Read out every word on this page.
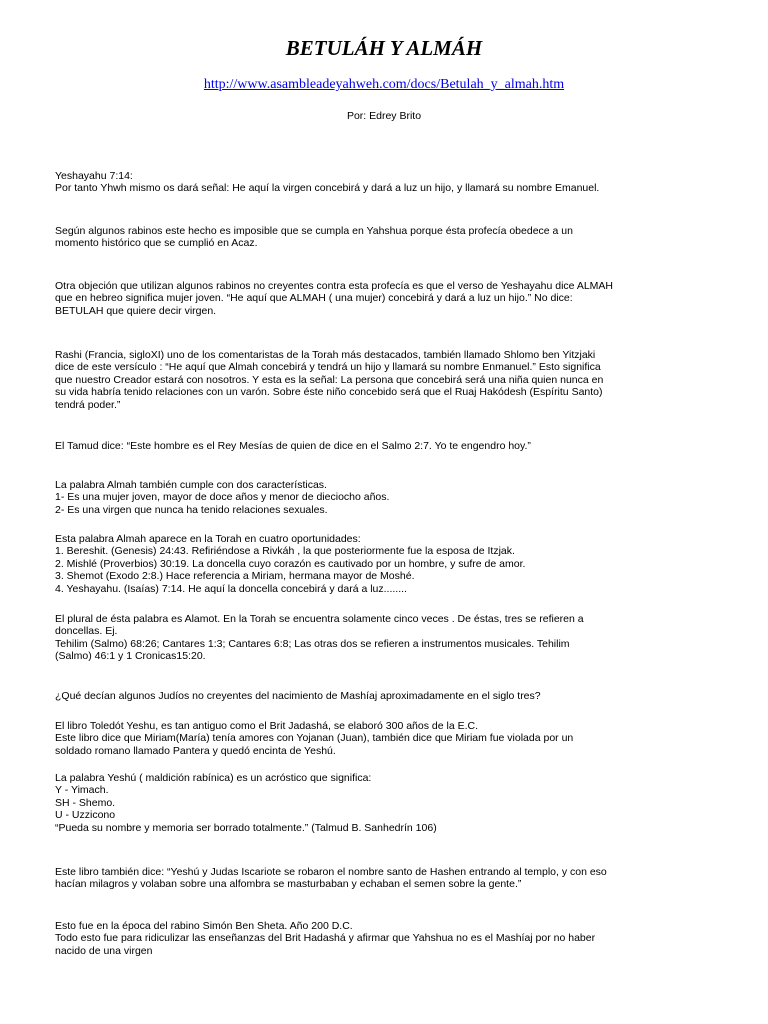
BETULÁH Y ALMÁH
http://www.asambleadeyahweh.com/docs/Betulah_y_almah.htm
Por: Edrey Brito
Yeshayahu 7:14:
Por tanto Yhwh mismo os dará señal: He aquí la virgen concebirá y dará a luz un hijo, y llamará su nombre Emanuel.
Según algunos rabinos este hecho es imposible que se cumpla en Yahshua porque ésta profecía obedece a un
momento histórico que se cumplió en Acaz.
Otra objeción que utilizan algunos rabinos no creyentes contra esta profecía es que el verso de Yeshayahu dice ALMAH
que en hebreo significa mujer joven. “He aquí que ALMAH ( una mujer) concebirá y dará a luz un hijo.” No dice:
BETULAH que quiere decir virgen.
Rashi (Francia, sigloXI) uno de los comentaristas de la Torah más destacados, también llamado Shlomo ben Yitzjaki
dice de este versículo : “He aquí que Almah concebirá y tendrá un hijo y llamará su nombre Enmanuel.” Esto significa
que nuestro Creador estará con nosotros. Y esta es la señal: La persona que concebirá será una niña quien nunca en
su vida habría tenido relaciones con un varón. Sobre éste niño concebido será que el Ruaj Hakódesh (Espíritu Santo)
tendrá poder.”
El Tamud dice: “Este hombre es el Rey Mesías de quien de dice en el Salmo 2:7. Yo te engendro hoy.”
La palabra Almah también cumple con dos características.
1- Es una mujer joven, mayor de doce años y menor de dieciocho años.
2- Es una virgen que nunca ha tenido relaciones sexuales.
Esta palabra Almah aparece en la Torah en cuatro oportunidades:
1. Bereshit. (Genesis) 24:43. Refiriéndose a Rivkáh , la que posteriormente fue la esposa de Itzjak.
2. Mishlé (Proverbios) 30:19. La doncella cuyo corazón es cautivado por un hombre, y sufre de amor.
3. Shemot (Exodo 2:8.) Hace referencia a Miriam, hermana mayor de Moshé.
4. Yeshayahu. (Isaías) 7:14. He aquí la doncella concebirá y dará a luz........
El plural de ésta palabra es Alamot. En la Torah se encuentra solamente cinco veces . De éstas, tres se refieren a
doncellas. Ej.
Tehilim (Salmo) 68:26; Cantares 1:3; Cantares 6:8; Las otras dos se refieren a instrumentos musicales. Tehilim
(Salmo) 46:1 y 1 Cronicas15:20.
¿Qué decían algunos Judíos no creyentes del nacimiento de Mashíaj aproximadamente en el siglo tres?
El libro Toledót Yeshu, es tan antiguo como el Brit Jadashá, se elaboró 300 años de la E.C.
Este libro dice que Miriam(María) tenía amores con Yojanan (Juan), también dice que Miriam fue violada por un
soldado romano llamado Pantera y quedó encinta de Yeshú.
La palabra Yeshú ( maldición rabínica) es un acróstico que significa:
Y - Yimach.
SH - Shemo.
U - Uzzicono
“Pueda su nombre y memoria ser borrado totalmente.” (Talmud B. Sanhedrín 106)
Este libro también dice: “Yeshú y Judas Iscariote se robaron el nombre santo de Hashen entrando al templo, y con eso
hacían milagros y volaban sobre una alfombra se masturbaban y echaban el semen sobre la gente.”
Esto fue en la época del rabino Simón Ben Sheta. Año 200 D.C.
Todo esto fue para ridiculizar las enseñanzas del Brit Hadashá y afirmar que Yahshua no es el Mashíaj por no haber
nacido de una virgen
